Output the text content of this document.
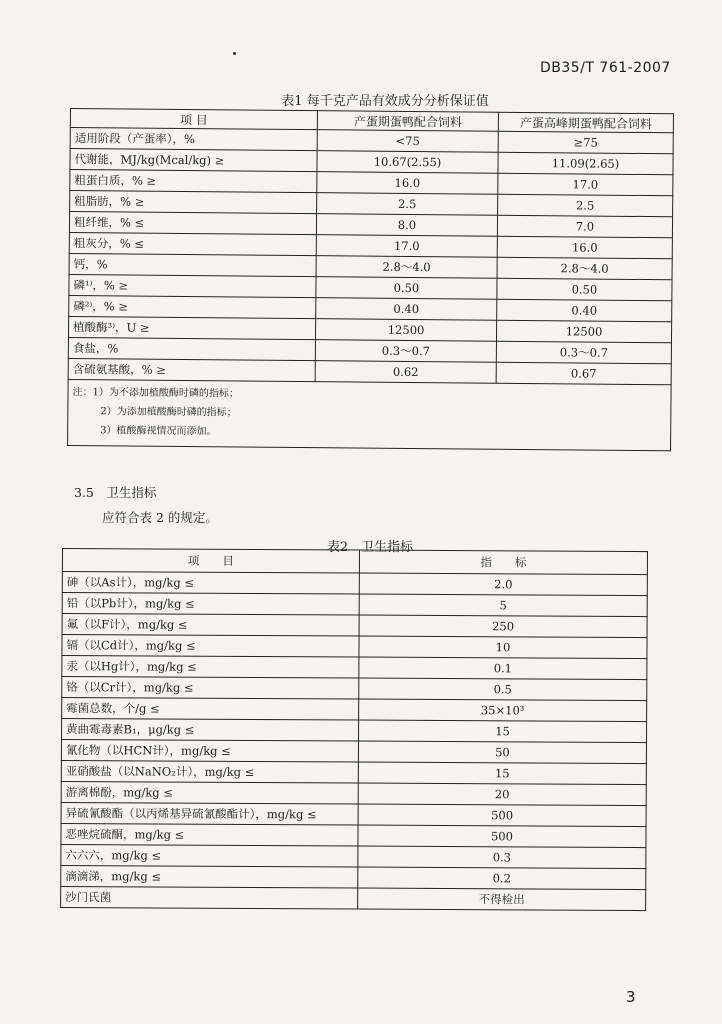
DB35/T 761-2007
表1 每千克产品有效成分分析保证值
项 目	产蛋期蛋鸭配合饲料	产蛋高峰期蛋鸭配合饲料
适用阶段（产蛋率），%	<75	≥75
代谢能，MJ/kg(Mcal/kg) ≥	10.67(2.55)	11.09(2.65)
粗蛋白质，% ≥	16.0	17.0
粗脂肪，% ≥	2.5	2.5
粗纤维，% ≤	8.0	7.0
粗灰分，% ≤	17.0	16.0
钙，%	2.8～4.0	2.8～4.0
磷¹⁾，% ≥	0.50	0.50
磷²⁾，% ≥	0.40	0.40
植酸酶³⁾，U ≥	12500	12500
食盐，%	0.3～0.7	0.3～0.7
含硫氨基酸，% ≥	0.62	0.67

注：1）为不添加植酸酶时磷的指标；
2）为添加植酸酶时磷的指标；
3）植酸酶视情况而添加。		
3.5　卫生指标
应符合表 2 的规定。
表2　卫生指标
项　　目	指　　标
砷（以As计），mg/kg ≤	2.0
铅（以Pb计），mg/kg ≤	5
氟（以F计），mg/kg ≤	250
镉（以Cd计），mg/kg ≤	10
汞（以Hg计），mg/kg ≤	0.1
铬（以Cr计），mg/kg ≤	0.5
霉菌总数，个/g ≤	35×10³
黄曲霉毒素B₁，μg/kg ≤	15
氰化物（以HCN计），mg/kg ≤	50
亚硝酸盐（以NaNO₂计），mg/kg ≤	15
游离棉酚，mg/kg ≤	20
异硫氰酸酯（以丙烯基异硫氰酸酯计），mg/kg ≤	500
恶唑烷硫酮，mg/kg ≤	500
六六六，mg/kg ≤	0.3
滴滴涕，mg/kg ≤	0.2
沙门氏菌	不得检出
3
